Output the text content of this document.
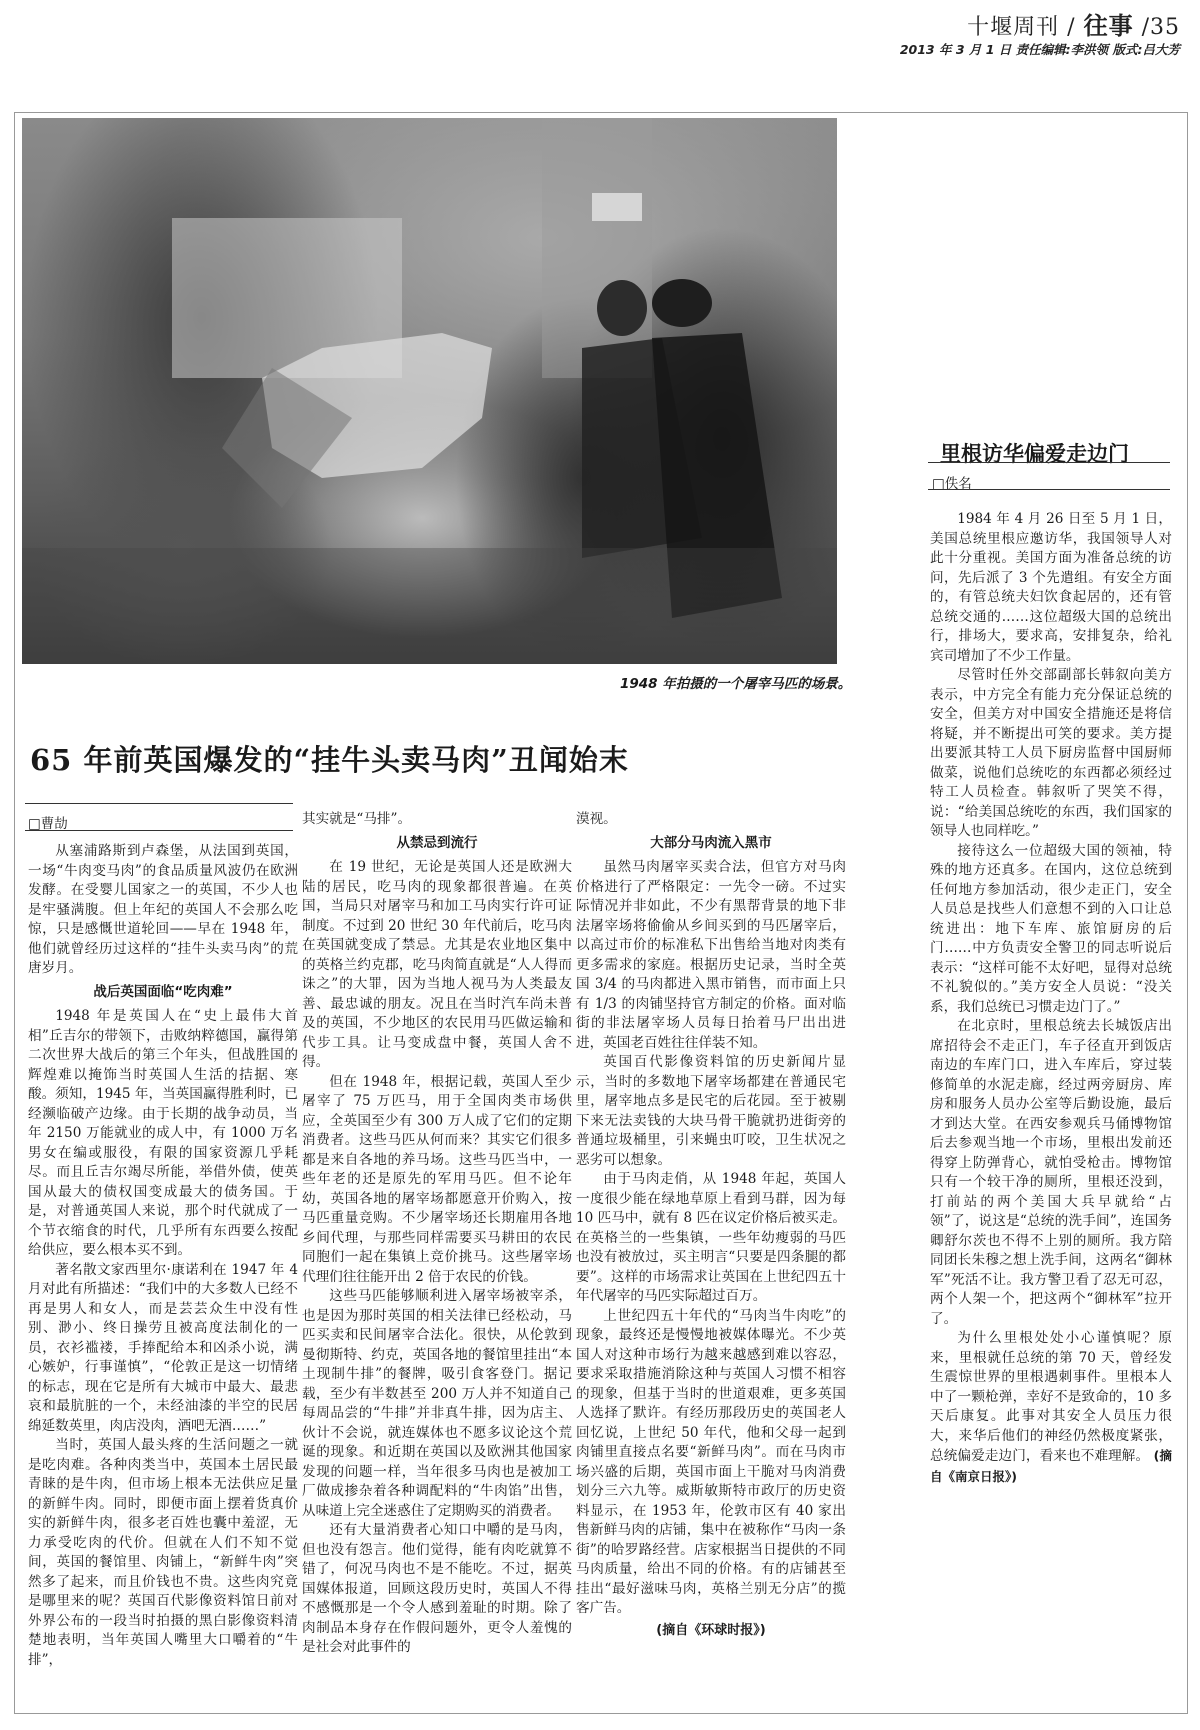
十堰周刊 / 往事 /35
2013 年 3 月 1 日 责任编辑:李洪领 版式:吕大芳
1948 年拍摄的一个屠宰马匹的场景。
65 年前英国爆发的“挂牛头卖马肉”丑闻始末
□曹劼

从塞浦路斯到卢森堡，从法国到英国，一场“牛肉变马肉”的食品质量风波仍在欧洲发酵。在受婴儿国家之一的英国，不少人也是牢骚满腹。但上年纪的英国人不会那么吃惊，只是感慨世道轮回——早在 1948 年，他们就曾经历过这样的“挂牛头卖马肉”的荒唐岁月。

战后英国面临“吃肉难”

1948 年是英国人在“史上最伟大首相”丘吉尔的带领下，击败纳粹德国，赢得第二次世界大战后的第三个年头，但战胜国的辉煌难以掩饰当时英国人生活的拮据、寒酸。须知，1945 年，当英国赢得胜利时，已经濒临破产边缘。由于长期的战争动员，当年 2150 万能就业的成人中，有 1000 万名男女在编或服役，有限的国家资源几乎耗尽。而且丘吉尔竭尽所能，举借外债，使英国从最大的债权国变成最大的债务国。于是，对普通英国人来说，那个时代就成了一个节衣缩食的时代，几乎所有东西要么按配给供应，要么根本买不到。

著名散文家西里尔·康诺利在 1947 年 4 月对此有所描述：“我们中的大多数人已经不再是男人和女人，而是芸芸众生中没有性别、渺小、终日操劳且被高度法制化的一员，衣衫褴褛，手捧配给本和凶杀小说，满心嫉妒，行事谨慎”，“伦敦正是这一切情绪的标志，现在它是所有大城市中最大、最悲哀和最肮脏的一个，未经油漆的半空的民居绵延数英里，肉店没肉，酒吧无酒……”

当时，英国人最头疼的生活问题之一就是吃肉难。各种肉类当中，英国本土居民最青睐的是牛肉，但市场上根本无法供应足量的新鲜牛肉。同时，即便市面上摆着货真价实的新鲜牛肉，很多老百姓也囊中羞涩，无力承受吃肉的代价。但就在人们不知不觉间，英国的餐馆里、肉铺上，“新鲜牛肉”突然多了起来，而且价钱也不贵。这些肉究竟是哪里来的呢？英国百代影像资料馆日前对外界公布的一段当时拍摄的黑白影像资料清楚地表明，当年英国人嘴里大口嚼着的“牛排”，

其实就是“马排”。

从禁忌到流行

在 19 世纪，无论是英国人还是欧洲大陆的居民，吃马肉的现象都很普遍。在英国，当局只对屠宰马和加工马肉实行许可证制度。不过到 20 世纪 30 年代前后，吃马肉在英国就变成了禁忌。尤其是农业地区集中的英格兰约克郡，吃马肉简直就是“人人得而诛之”的大罪，因为当地人视马为人类最友善、最忠诚的朋友。况且在当时汽车尚未普及的英国，不少地区的农民用马匹做运输和代步工具。让马变成盘中餐，英国人舍不得。

但在 1948 年，根据记载，英国人至少屠宰了 75 万匹马，用于全国肉类市场供应，全英国至少有 300 万人成了它们的定期消费者。这些马匹从何而来？其实它们很多都是来自各地的养马场。这些马匹当中，一些年老的还是原先的军用马匹。但不论年幼，英国各地的屠宰场都愿意开价购入，按马匹重量竞购。不少屠宰场还长期雇用各地乡间代理，与那些同样需要买马耕田的农民同胞们一起在集镇上竞价挑马。这些屠宰场代理们往往能开出 2 倍于农民的价钱。

这些马匹能够顺利进入屠宰场被宰杀，也是因为那时英国的相关法律已经松动，马匹买卖和民间屠宰合法化。很快，从伦敦到曼彻斯特、约克，英国各地的餐馆里挂出“本土现制牛排”的餐牌，吸引食客登门。据记载，至少有半数甚至 200 万人并不知道自己每周品尝的“牛排”并非真牛排，因为店主、伙计不会说，就连媒体也不愿多议论这个荒诞的现象。和近期在英国以及欧洲其他国家发现的问题一样，当年很多马肉也是被加工厂做成掺杂着各种调配料的“牛肉馅”出售，从味道上完全迷惑住了定期购买的消费者。

还有大量消费者心知口中嚼的是马肉，但也没有怨言。他们觉得，能有肉吃就算不错了，何况马肉也不是不能吃。不过，据英国媒体报道，回顾这段历史时，英国人不得不感慨那是一个令人感到羞耻的时期。除了肉制品本身存在作假问题外，更令人羞愧的是社会对此事件的

漠视。

大部分马肉流入黑市

虽然马肉屠宰买卖合法，但官方对马肉价格进行了严格限定：一先令一磅。不过实际情况并非如此，不少有黑帮背景的地下非法屠宰场将偷偷从乡间买到的马匹屠宰后，以高过市价的标准私下出售给当地对肉类有更多需求的家庭。根据历史记录，当时全英国 3/4 的马肉都进入黑市销售，而市面上只有 1/3 的肉铺坚持官方制定的价格。面对临街的非法屠宰场人员每日抬着马尸出出进进，英国老百姓往往佯装不知。

英国百代影像资料馆的历史新闻片显示，当时的多数地下屠宰场都建在普通民宅里，屠宰地点多是民宅的后花园。至于被剔下来无法卖钱的大块马骨干脆就扔进街旁的普通垃圾桶里，引来蝇虫叮咬，卫生状况之恶劣可以想象。

由于马肉走俏，从 1948 年起，英国人一度很少能在绿地草原上看到马群，因为每 10 匹马中，就有 8 匹在议定价格后被买走。在英格兰的一些集镇，一些年幼瘦弱的马匹也没有被放过，买主明言“只要是四条腿的都要”。这样的市场需求让英国在上世纪四五十年代屠宰的马匹实际超过百万。

上世纪四五十年代的“马肉当牛肉吃”的现象，最终还是慢慢地被媒体曝光。不少英国人对这种市场行为越来越感到难以容忍，要求采取措施消除这种与英国人习惯不相容的现象，但基于当时的世道艰难，更多英国人选择了默许。有经历那段历史的英国老人回忆说，上世纪 50 年代，他和父母一起到肉铺里直接点名要“新鲜马肉”。而在马肉市场兴盛的后期，英国市面上干脆对马肉消费划分三六九等。威斯敏斯特市政厅的历史资料显示，在 1953 年，伦敦市区有 40 家出售新鲜马肉的店铺，集中在被称作“马肉一条街”的哈罗路经营。店家根据当日提供的不同马肉质量，给出不同的价格。有的店铺甚至挂出“最好滋味马肉，英格兰别无分店”的揽客广告。

(摘自《环球时报》)
里根访华偏爱走边门
□佚名

1984 年 4 月 26 日至 5 月 1 日，美国总统里根应邀访华，我国领导人对此十分重视。美国方面为准备总统的访问，先后派了 3 个先遣组。有安全方面的，有管总统夫妇饮食起居的，还有管总统交通的……这位超级大国的总统出行，排场大，要求高，安排复杂，给礼宾司增加了不少工作量。

尽管时任外交部副部长韩叙向美方表示，中方完全有能力充分保证总统的安全，但美方对中国安全措施还是将信将疑，并不断提出可笑的要求。美方提出要派其特工人员下厨房监督中国厨师做菜，说他们总统吃的东西都必须经过特工人员检查。韩叙听了哭笑不得，说：“给美国总统吃的东西，我们国家的领导人也同样吃。”

接待这么一位超级大国的领袖，特殊的地方还真多。在国内，这位总统到任何地方参加活动，很少走正门，安全人员总是找些人们意想不到的入口让总统进出：地下车库、旅馆厨房的后门……中方负责安全警卫的同志听说后表示：“这样可能不太好吧，显得对总统不礼貌似的。”美方安全人员说：“没关系，我们总统已习惯走边门了。”

在北京时，里根总统去长城饭店出席招待会不走正门，车子径直开到饭店南边的车库门口，进入车库后，穿过装修简单的水泥走廊，经过两旁厨房、库房和服务人员办公室等后勤设施，最后才到达大堂。在西安参观兵马俑博物馆后去参观当地一个市场，里根出发前还得穿上防弹背心，就怕受枪击。博物馆只有一个较干净的厕所，里根还没到，打前站的两个美国大兵早就给“占领”了，说这是“总统的洗手间”，连国务卿舒尔茨也不得不上别的厕所。我方陪同团长朱穆之想上洗手间，这两名“御林军”死活不让。我方警卫看了忍无可忍，两个人架一个，把这两个“御林军”拉开了。

为什么里根处处小心谨慎呢？原来，里根就任总统的第 70 天，曾经发生震惊世界的里根遇刺事件。里根本人中了一颗枪弹，幸好不是致命的，10 多天后康复。此事对其安全人员压力很大，来华后他们的神经仍然极度紧张，总统偏爱走边门，看来也不难理解。 (摘自《南京日报》)
